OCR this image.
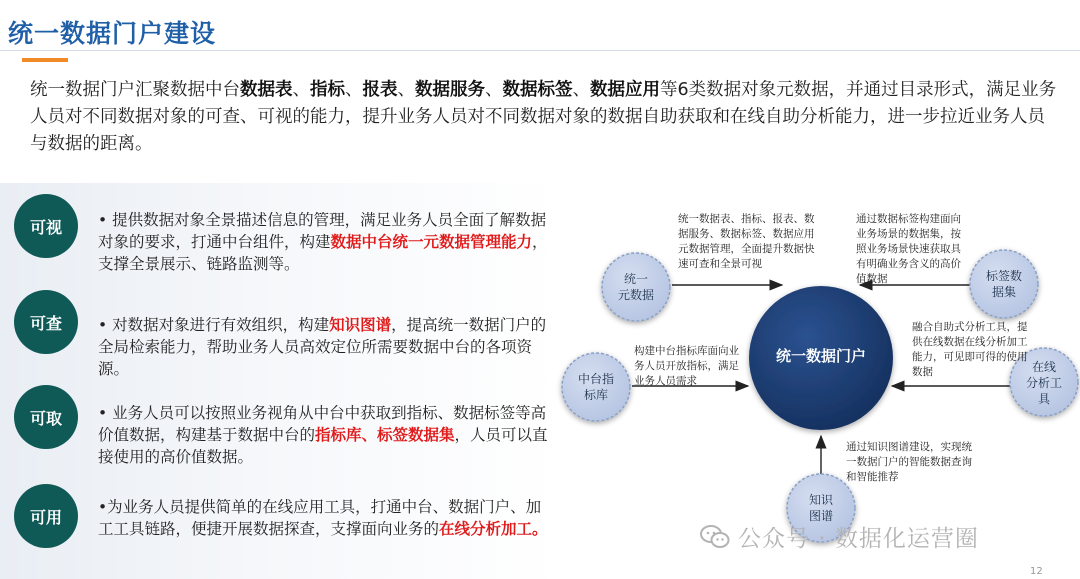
统一数据门户建设
统一数据门户汇聚数据中台数据表、指标、报表、数据服务、数据标签、数据应用等6类数据对象元数据，并通过目录形式，满足业务人员对不同数据对象的可查、可视的能力，提升业务人员对不同数据对象的数据自助获取和在线自助分析能力，进一步拉近业务人员与数据的距离。
可视	• 提供数据对象全景描述信息的管理，满足业务人员全面了解数据对象的要求，打通中台组件，构建数据中台统一元数据管理能力，支撑全景展示、链路监测等。
可查	• 对数据对象进行有效组织，构建知识图谱，提高统一数据门户的全局检索能力，帮助业务人员高效定位所需要数据中台的各项资源。
可取	• 业务人员可以按照业务视角从中台中获取到指标、数据标签等高价值数据，构建基于数据中台的指标库、标签数据集，人员可以直接使用的高价值数据。
可用
•为业务人员提供简单的在线应用工具，打通中台、数据门户、加工工具链路，便捷开展数据探查，支撑面向业务的在线分析加工。
统一数据门户
统一
元数据
标签数
据集
中台指
标库
在线
分析工
具
知识
图谱
统一数据表、指标、报表、数据服务、数据标签、数据应用元数据管理，全面提升数据快速可查和全景可视
通过数据标签构建面向业务场景的数据集，按照业务场景快速获取具有明确业务含义的高价值数据
构建中台指标库面向业务人员开放指标，满足业务人员需求
融合自助式分析工具，提供在线数据在线分析加工能力，可见即可得的使用数据
通过知识图谱建设，实现统一数据门户的智能数据查询和智能推荐
公众号 · 数据化运营圈
12
